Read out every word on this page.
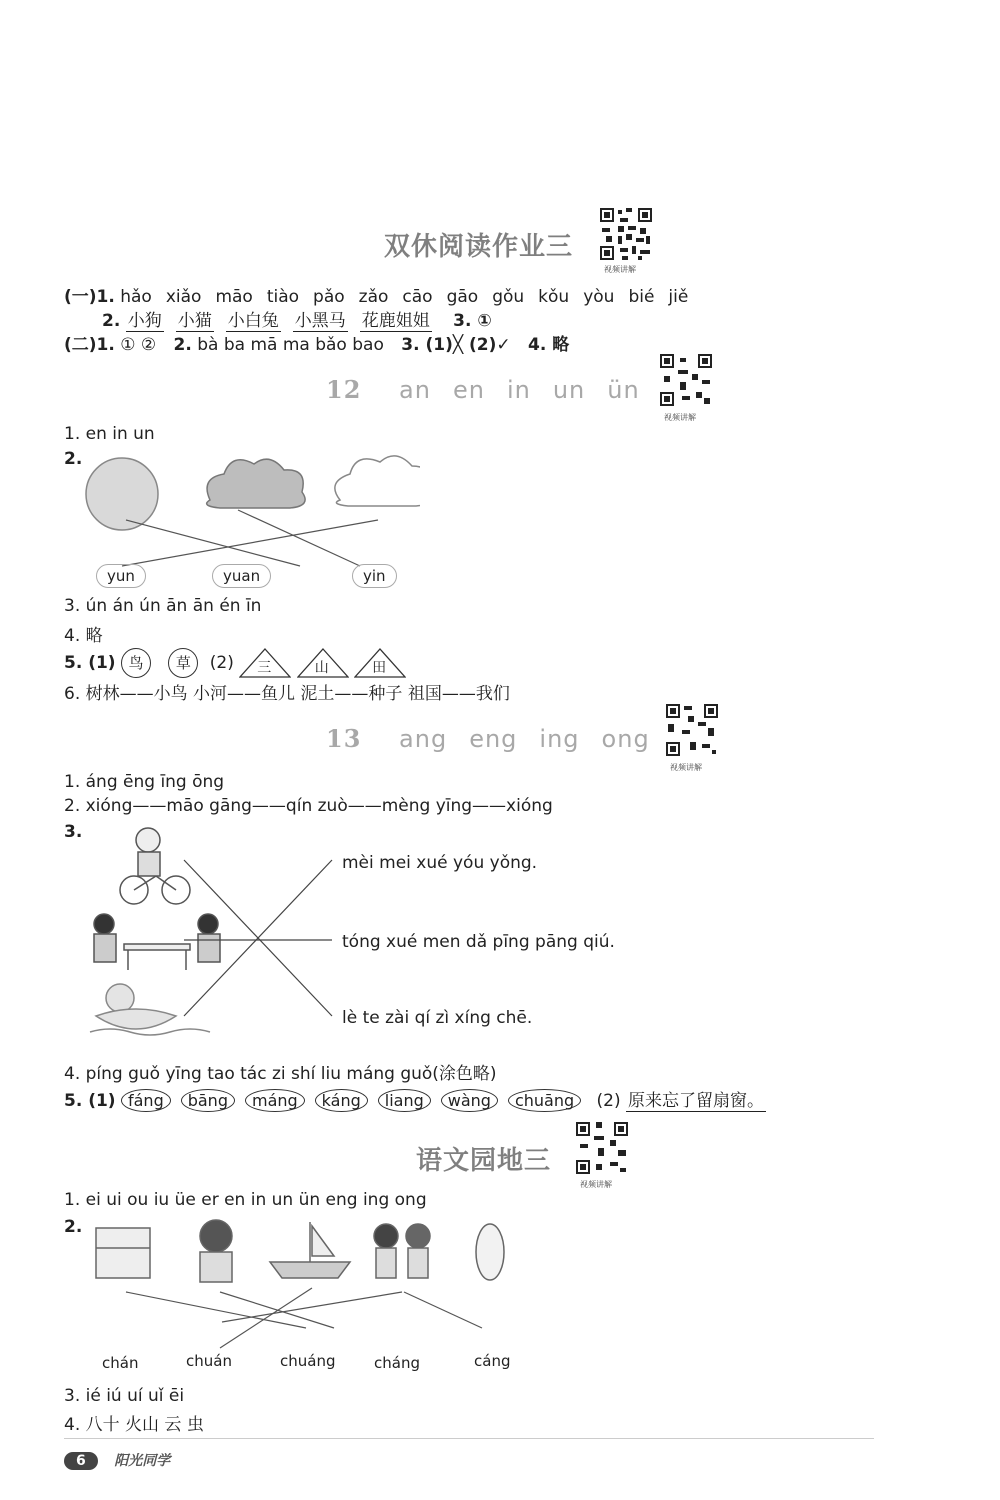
双休阅读作业三
视频讲解
(一)1. hǎo xiǎo māo tiào pǎo zǎo cāo gāo gǒu kǒu yòu bié jiě
2. 小狗 小猫 小白兔 小黑马 花鹿姐姐 3. ①
(二)1. ① ② 2. bà ba mā ma bǎo bao 3. (1)╳ (2)✓ 4. 略
12 an en in un ün
视频讲解
1. en in un
2.
yun	yuan	yin
3. ún án ún ān ān én īn
4. 略
5. (1) 鸟 草 (2) 三
	山
	田
6. 树林——小鸟 小河——鱼儿 泥土——种子 祖国——我们
13 ang eng ing ong
视频讲解
1. áng ēng īng ōng
2. xióng——māo gāng——qín zuò——mèng yīng——xióng
3.
mèi mei xué yóu yǒng.
tóng xué men dǎ pīng pāng qiú.
lè te zài qí zì xíng chē.
4. píng guǒ yīng tao tác zi shí liu máng guǒ(涂色略)
5. (1) fáng bāng máng káng liang wàng chuāng (2) 原来忘了留扇窗。
语文园地三
视频讲解
1. ei ui ou iu üe er en in un ün eng ing ong
2.
chán	chuán	chuáng	cháng	cáng
3. ié iú uí uǐ ēi
4. 八十 火山 云 虫
6 阳光同学
